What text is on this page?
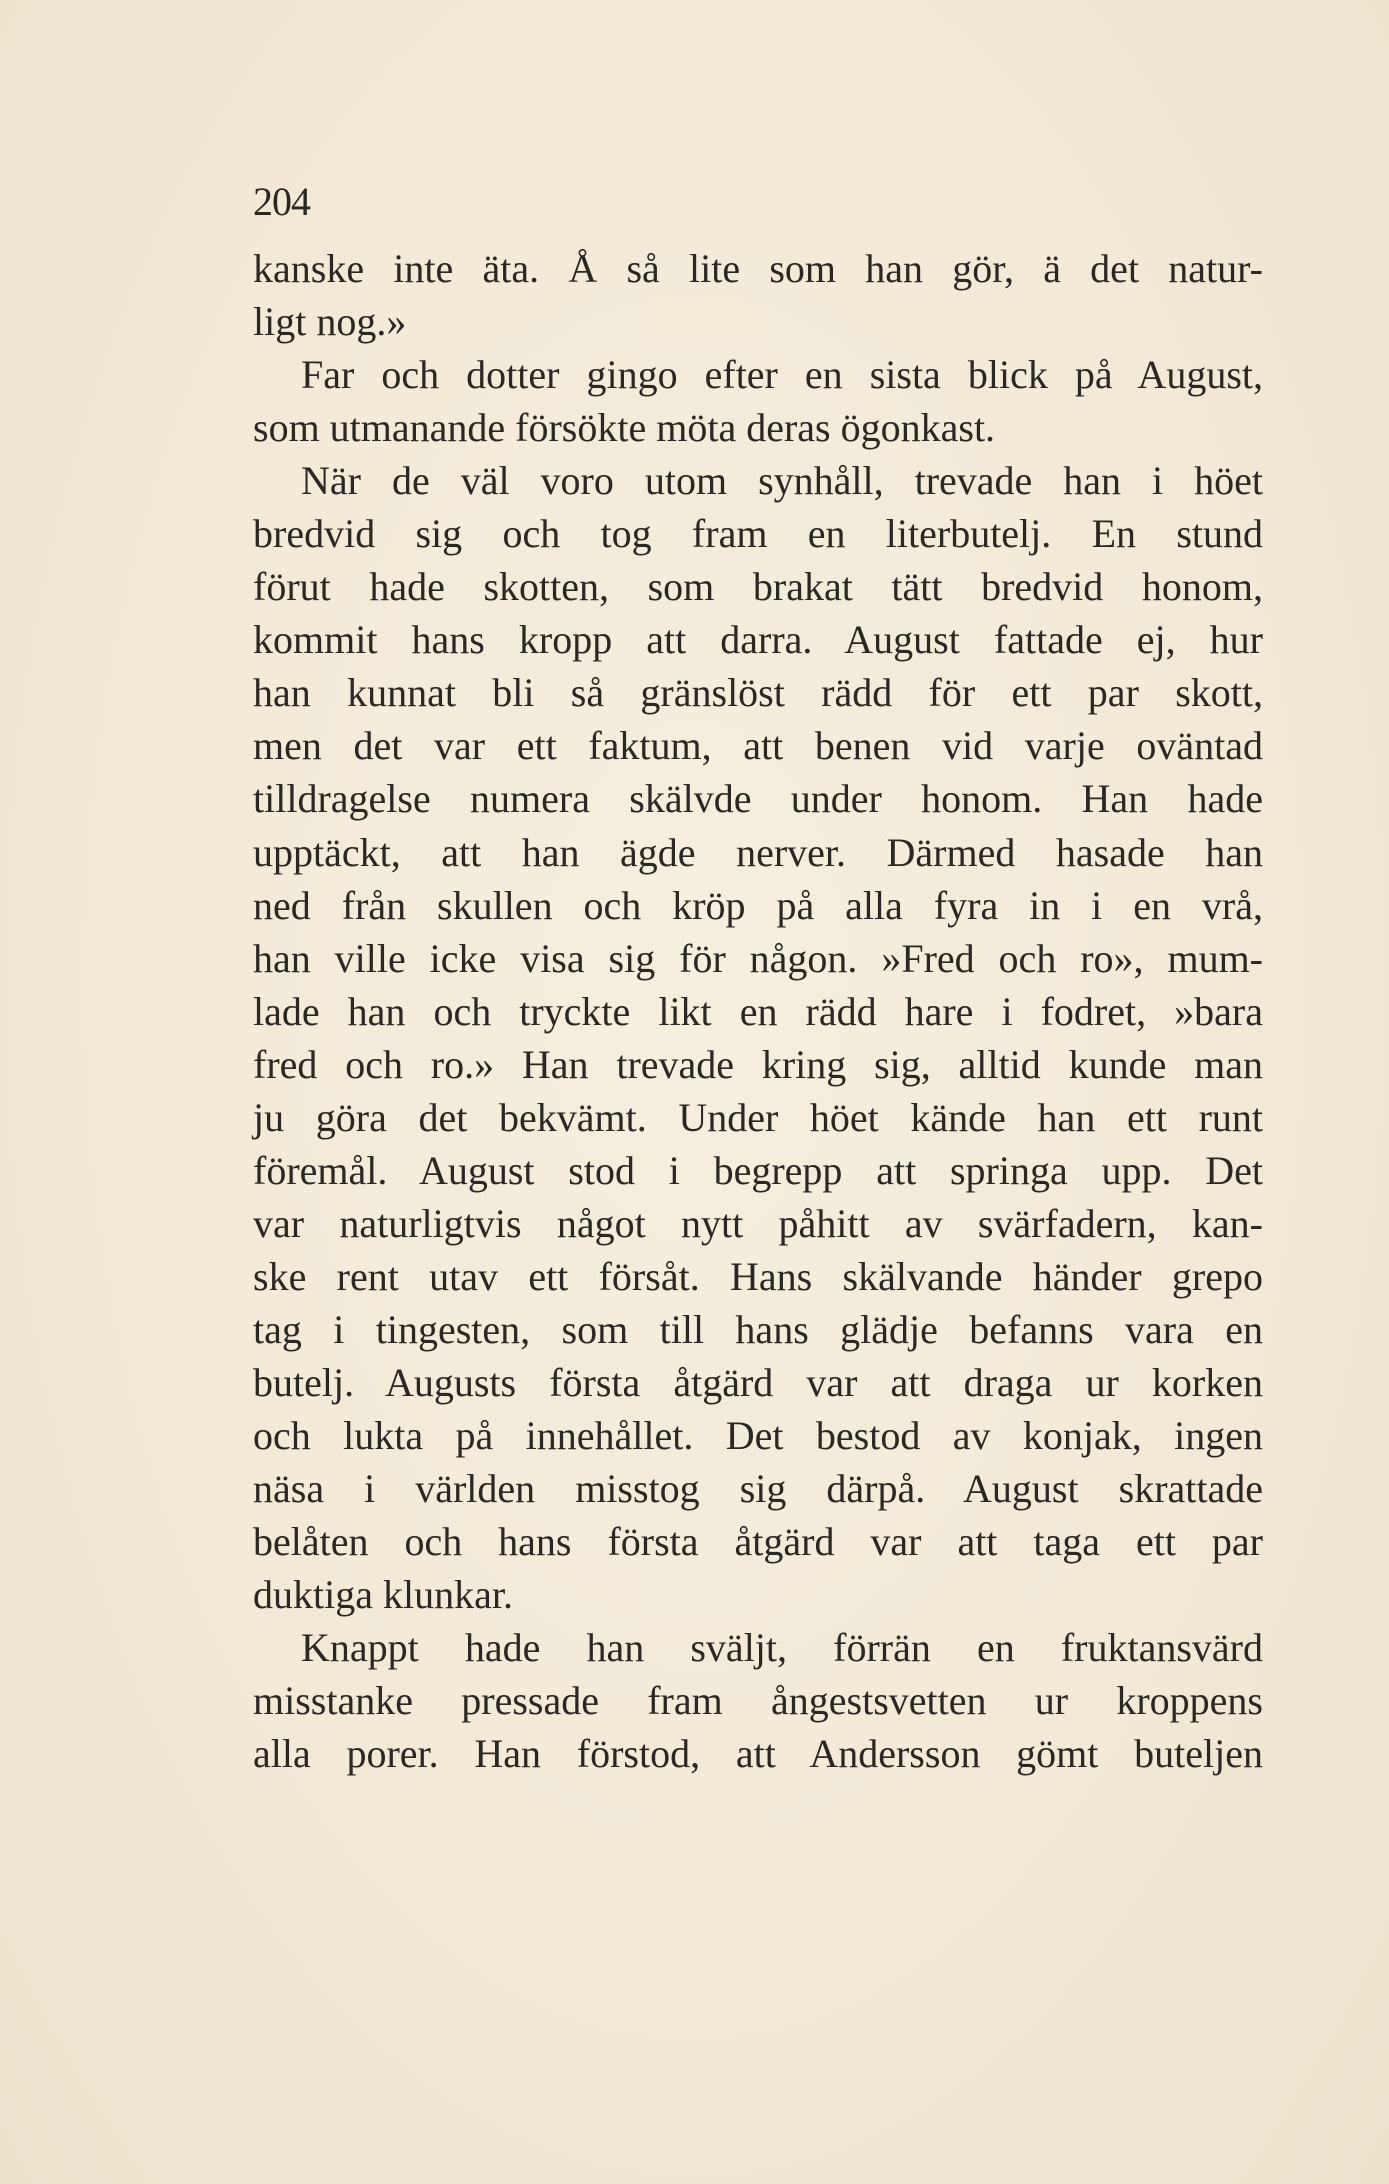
204
kanske inte äta. Å så lite som han gör, ä det natur-
ligt nog.»
Far och dotter gingo efter en sista blick på August,
som utmanande försökte möta deras ögonkast.
När de väl voro utom synhåll, trevade han i höet
bredvid sig och tog fram en literbutelj. En stund
förut hade skotten, som brakat tätt bredvid honom,
kommit hans kropp att darra. August fattade ej, hur
han kunnat bli så gränslöst rädd för ett par skott,
men det var ett faktum, att benen vid varje oväntad
tilldragelse numera skälvde under honom. Han hade
upptäckt, att han ägde nerver. Därmed hasade han
ned från skullen och kröp på alla fyra in i en vrå,
han ville icke visa sig för någon. »Fred och ro», mum-
lade han och tryckte likt en rädd hare i fodret, »bara
fred och ro.» Han trevade kring sig, alltid kunde man
ju göra det bekvämt. Under höet kände han ett runt
föremål. August stod i begrepp att springa upp. Det
var naturligtvis något nytt påhitt av svärfadern, kan-
ske rent utav ett försåt. Hans skälvande händer grepo
tag i tingesten, som till hans glädje befanns vara en
butelj. Augusts första åtgärd var att draga ur korken
och lukta på innehållet. Det bestod av konjak, ingen
näsa i världen misstog sig därpå. August skrattade
belåten och hans första åtgärd var att taga ett par
duktiga klunkar.
Knappt hade han sväljt, förrän en fruktansvärd
misstanke pressade fram ångestsvetten ur kroppens
alla porer. Han förstod, att Andersson gömt buteljen
